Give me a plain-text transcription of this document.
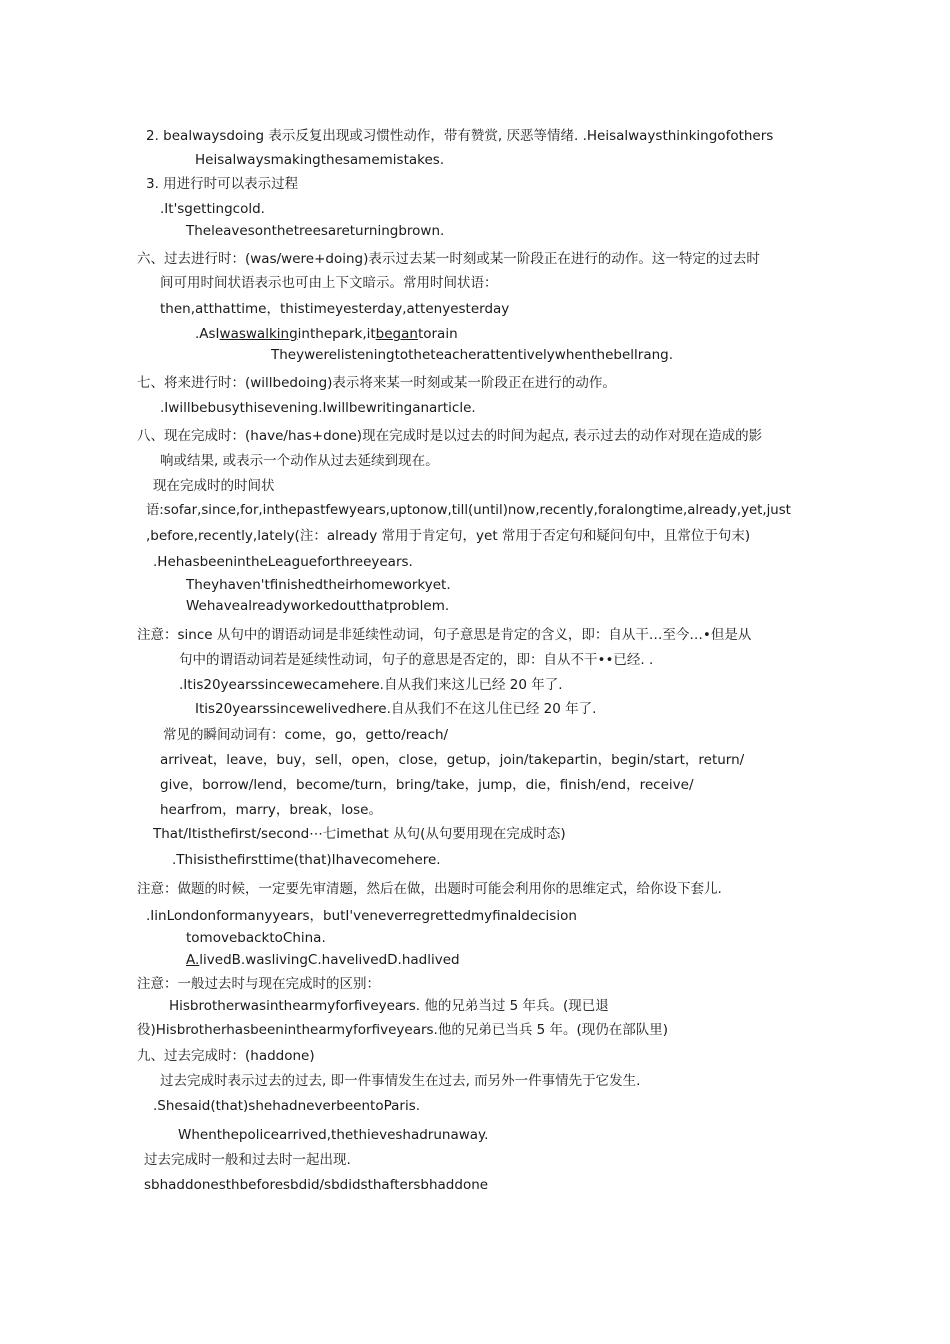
2. bealwaysdoing 表示反复出现或习惯性动作，带有赞赏, 厌恶等情绪. .Heisalwaysthinkingofothers
Heisalwaysmakingthesamemistakes.
3. 用进行时可以表示过程
.It'sgettingcold.
Theleavesonthetreesareturningbrown.
六、过去进行时：(was/were+doing)表示过去某一时刻或某一阶段正在进行的动作。这一特定的过去时
间可用时间状语表示也可由上下文暗示。常用时间状语：
then,atthattime，thistimeyesterday,attenyesterday
.AsIwaswalkinginthepark,itbegantorain
Theywerelisteningtotheteacherattentivelywhenthebellrang.
七、将来进行时：(willbedoing)表示将来某一时刻或某一阶段正在进行的动作。
.Iwillbebusythisevening.Iwillbewritinganarticle.
八、现在完成时：(have/has+done)现在完成时是以过去的时间为起点, 表示过去的动作对现在造成的影
响或结果, 或表示一个动作从过去延续到现在。
现在完成时的时间状
语:sofar,since,for,inthepastfewyears,uptonow,till(until)now,recently,foralongtime,already,yet,just
,before,recently,lately(注：already 常用于肯定句，yet 常用于否定句和疑问句中，且常位于句末)
.HehasbeenintheLeagueforthreeyears.
Theyhaven'tfinishedtheirhomeworkyet.
Wehavealreadyworkedoutthatproblem.
注意：since 从句中的谓语动词是非延续性动词，句子意思是肯定的含义，即：自从干…至今…•但是从
句中的谓语动词若是延续性动词，句子的意思是否定的，即：自从不干••已经. .
.Itis20yearssincewecamehere.自从我们来这儿已经 20 年了.
Itis20yearssincewelivedhere.自从我们不在这儿住已经 20 年了.
常见的瞬间动词有：come，go，getto/reach/
arriveat，leave，buy，sell，open，close，getup，join/takepartin，begin/start，return/
give，borrow/lend，become/turn，bring/take，jump，die，finish/end，receive/
hearfrom，marry，break，lose。
That/Itisthefirst/second⋯七imethat 从句(从句要用现在完成时态)
.Thisisthefirsttime(that)Ihavecomehere.
注意：做题的时候，一定要先审清题，然后在做，出题时可能会利用你的思维定式，给你设下套儿.
.IinLondonformanyyears，butI'veneverregrettedmyfinaldecision
tomovebacktoChina.
A.livedB.waslivingC.havelivedD.hadlived
注意：一般过去时与现在完成时的区别：
Hisbrotherwasinthearmyforfiveyears. 他的兄弟当过 5 年兵。(现已退
役)Hisbrotherhasbeeninthearmyforfiveyears.他的兄弟已当兵 5 年。(现仍在部队里)
九、过去完成时：(haddone)
过去完成时表示过去的过去, 即一件事情发生在过去, 而另外一件事情先于它发生.
.Shesaid(that)shehadneverbeentoParis.
Whenthepolicearrived,thethieveshadrunaway.
过去完成时一般和过去时一起出现.
sbhaddonesthbeforesbdid/sbdidsthaftersbhaddone
